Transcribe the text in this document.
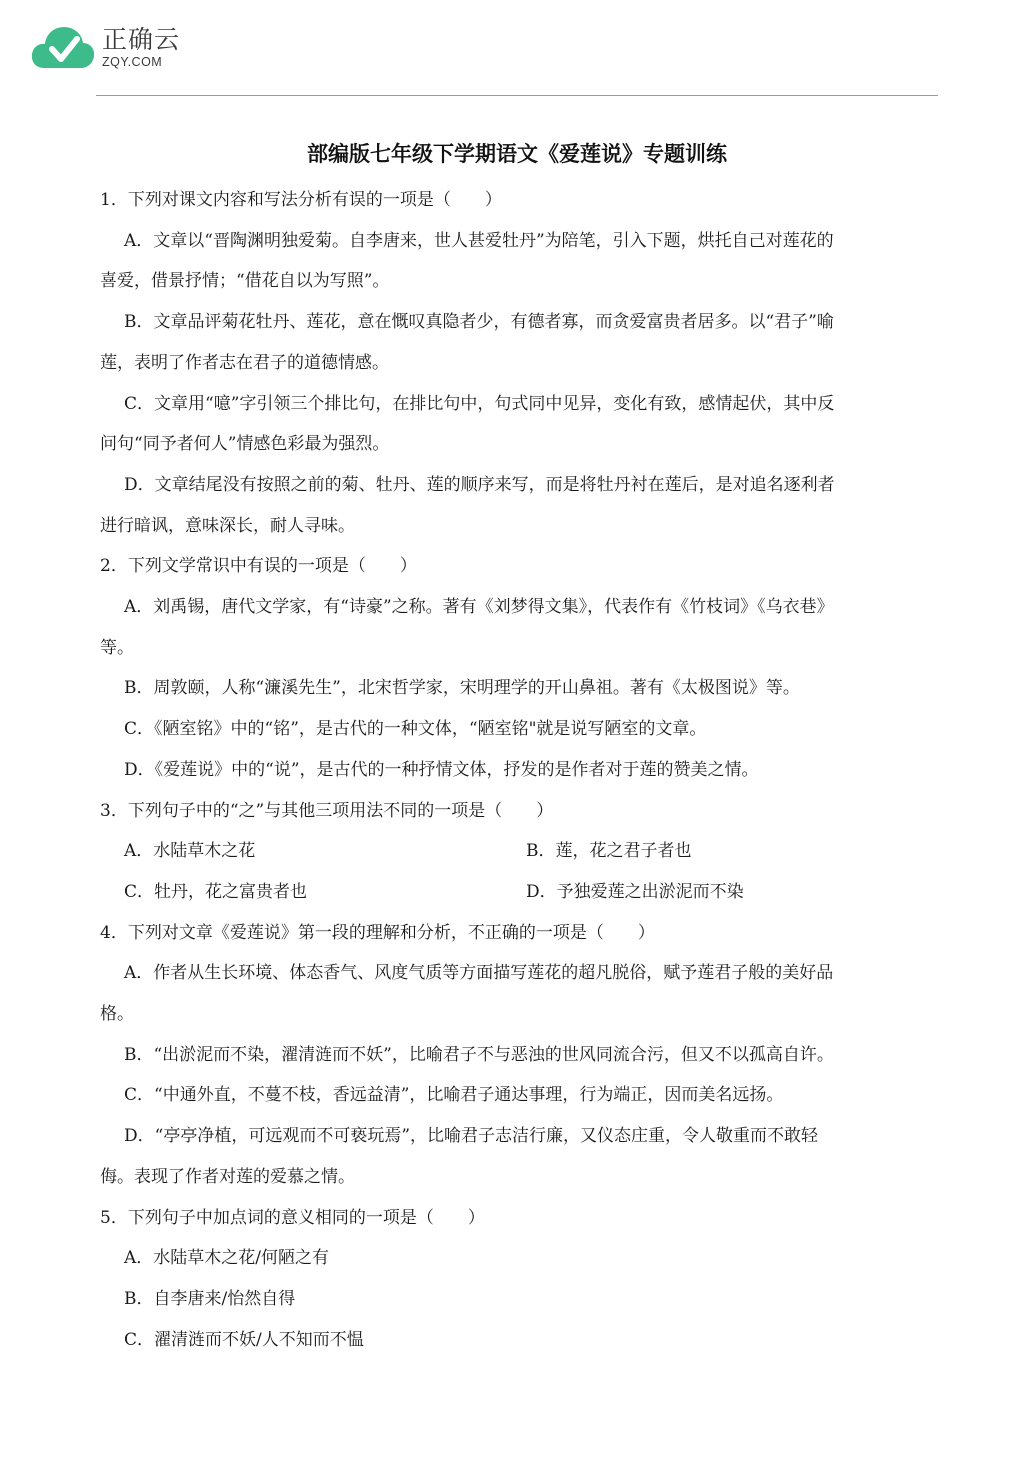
正确云
ZQY.COM
部编版七年级下学期语文《爱莲说》专题训练
1．下列对课文内容和写法分析有误的一项是（　　）
A．文章以“晋陶渊明独爱菊。自李唐来，世人甚爱牡丹”为陪笔，引入下题，烘托自己对莲花的
喜爱，借景抒情；“借花自以为写照”。
B．文章品评菊花牡丹、莲花，意在慨叹真隐者少，有德者寡，而贪爱富贵者居多。以“君子”喻
莲，表明了作者志在君子的道德情感。
C．文章用“噫”字引领三个排比句，在排比句中，句式同中见异，变化有致，感情起伏，其中反
问句“同予者何人”情感色彩最为强烈。
D．文章结尾没有按照之前的菊、牡丹、莲的顺序来写，而是将牡丹衬在莲后，是对追名逐利者
进行暗讽，意味深长，耐人寻味。
2．下列文学常识中有误的一项是（　　）
A．刘禹锡，唐代文学家，有“诗豪”之称。著有《刘梦得文集》，代表作有《竹枝词》《乌衣巷》
等。
B．周敦颐，人称“濂溪先生”，北宋哲学家，宋明理学的开山鼻祖。著有《太极图说》等。
C．《陋室铭》中的“铭”，是古代的一种文体，“陋室铭"就是说写陋室的文章。
D．《爱莲说》中的“说”，是古代的一种抒情文体，抒发的是作者对于莲的赞美之情。
3．下列句子中的“之”与其他三项用法不同的一项是（　　）
A．水陆草木之花	B．莲，花之君子者也
C．牡丹，花之富贵者也	D．予独爱莲之出淤泥而不染
4．下列对文章《爱莲说》第一段的理解和分析，不正确的一项是（　　）
A．作者从生长环境、体态香气、风度气质等方面描写莲花的超凡脱俗，赋予莲君子般的美好品
格。
B．“出淤泥而不染，濯清涟而不妖”，比喻君子不与恶浊的世风同流合污，但又不以孤高自许。
C．“中通外直，不蔓不枝，香远益清”，比喻君子通达事理，行为端正，因而美名远扬。
D．“亭亭净植，可远观而不可亵玩焉”，比喻君子志洁行廉，又仪态庄重，令人敬重而不敢轻
侮。表现了作者对莲的爱慕之情。
5．下列句子中加点词的意义相同的一项是（　　）
A．水陆草木之花/何陋之有
B．自李唐来/怡然自得
C．濯清涟而不妖/人不知而不愠
